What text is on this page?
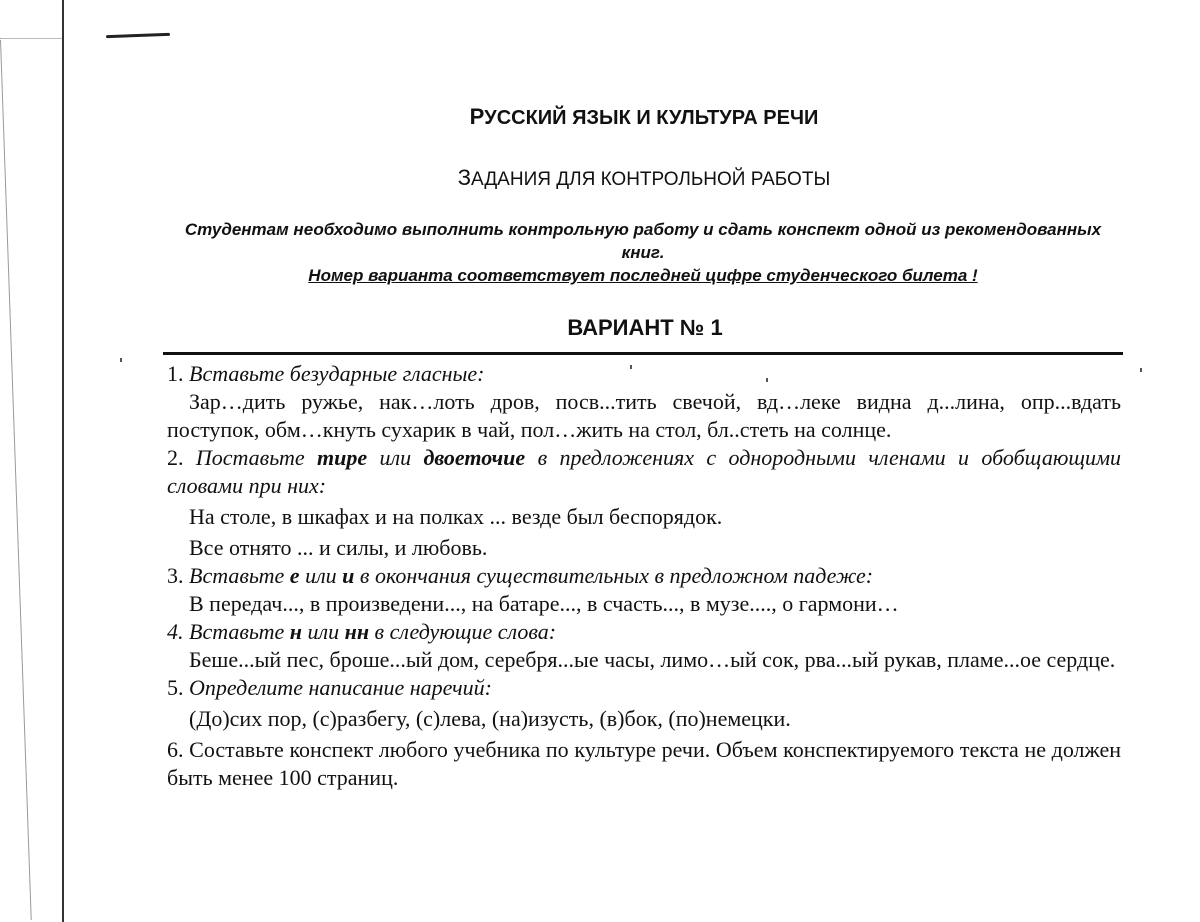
РУССКИЙ ЯЗЫК И КУЛЬТУРА РЕЧИ
ЗАДАНИЯ ДЛЯ КОНТРОЛЬНОЙ РАБОТЫ
Студентам необходимо выполнить контрольную работу и сдать конспект одной из рекомендованных книг.
Номер варианта соответствует последней цифре студенческого билета !
ВАРИАНТ № 1
1. Вставьте безударные гласные:
Зар…дить ружье, нак…лоть дров, посв...тить свечой, вд…леке видна д...лина, опр...вдать поступок, обм…кнуть сухарик в чай, пол…жить на стол, бл..стеть на солнце.
2. Поставьте тире или двоеточие в предложениях с однородными членами и обобщающими словами при них:
На столе, в шкафах и на полках ... везде был беспорядок.
Все отнято ... и силы, и любовь.
3. Вставьте е или и в окончания существительных в предложном падеже:
В передач..., в произведени..., на батаре..., в счасть..., в музе...., о гармони…
4. Вставьте н или нн в следующие слова:
Беше...ый пес, броше...ый дом, серебря...ые часы, лимо…ый сок, рва...ый рукав, пламе...ое сердце.
5. Определите написание наречий:
(До)сих пор, (с)разбегу, (с)лева, (на)изусть, (в)бок, (по)немецки.
6. Составьте конспект любого учебника по культуре речи. Объем конспектируемого текста не должен быть менее 100 страниц.
